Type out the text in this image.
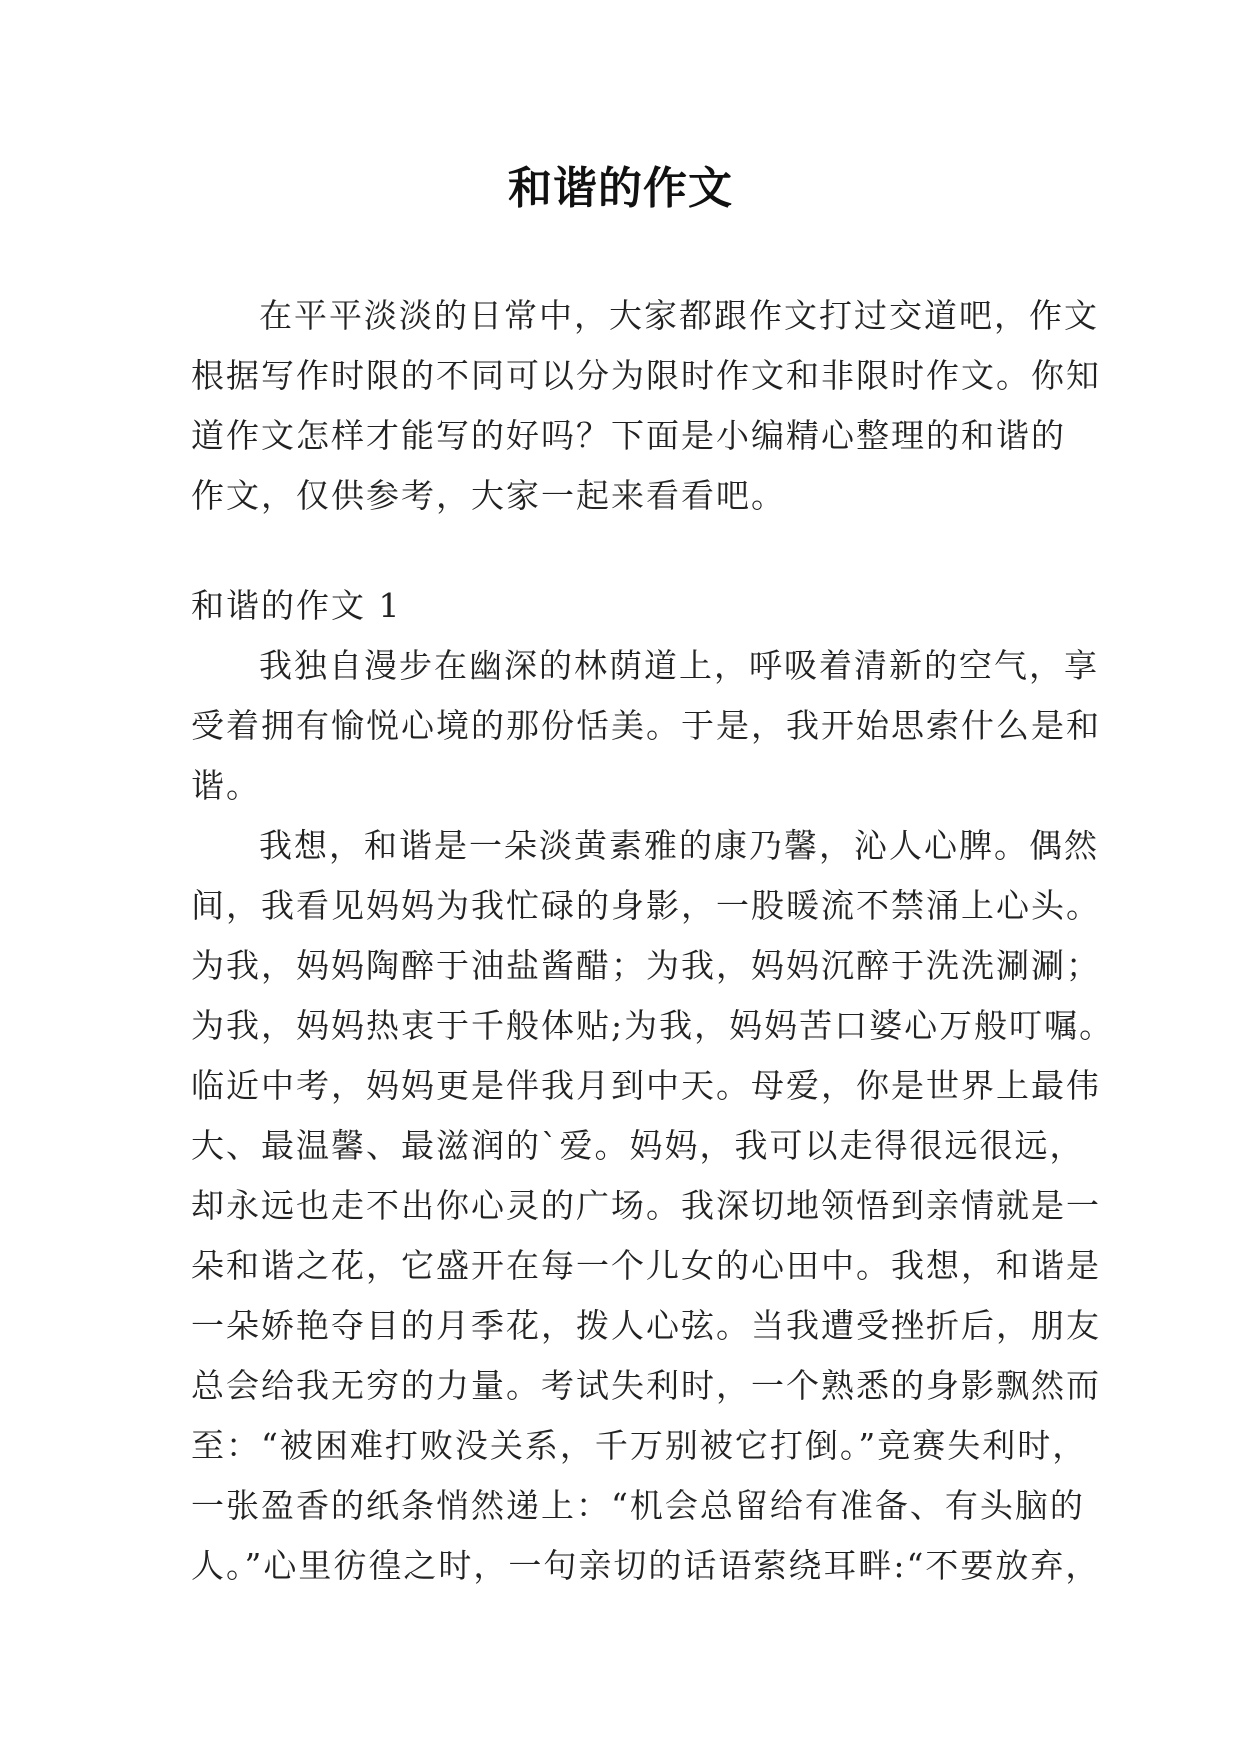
和谐的作文
在平平淡淡的日常中，大家都跟作文打过交道吧，作文
根据写作时限的不同可以分为限时作文和非限时作文。你知
道作文怎样才能写的好吗？下面是小编精心整理的和谐的
作文，仅供参考，大家一起来看看吧。
和谐的作文 1
我独自漫步在幽深的林荫道上，呼吸着清新的空气，享
受着拥有愉悦心境的那份恬美。于是，我开始思索什么是和
谐。
我想，和谐是一朵淡黄素雅的康乃馨，沁人心脾。偶然
间，我看见妈妈为我忙碌的身影，一股暖流不禁涌上心头。
为我，妈妈陶醉于油盐酱醋；为我，妈妈沉醉于洗洗涮涮；
为我，妈妈热衷于千般体贴;为我，妈妈苦口婆心万般叮嘱。
临近中考，妈妈更是伴我月到中天。母爱，你是世界上最伟
大、最温馨、最滋润的`爱。妈妈，我可以走得很远很远，
却永远也走不出你心灵的广场。我深切地领悟到亲情就是一
朵和谐之花，它盛开在每一个儿女的心田中。我想，和谐是
一朵娇艳夺目的月季花，拨人心弦。当我遭受挫折后，朋友
总会给我无穷的力量。考试失利时，一个熟悉的身影飘然而
至：“被困难打败没关系，千万别被它打倒。”竞赛失利时，
一张盈香的纸条悄然递上：“机会总留给有准备、有头脑的
人。”心里彷徨之时，一句亲切的话语萦绕耳畔:“不要放弃，
